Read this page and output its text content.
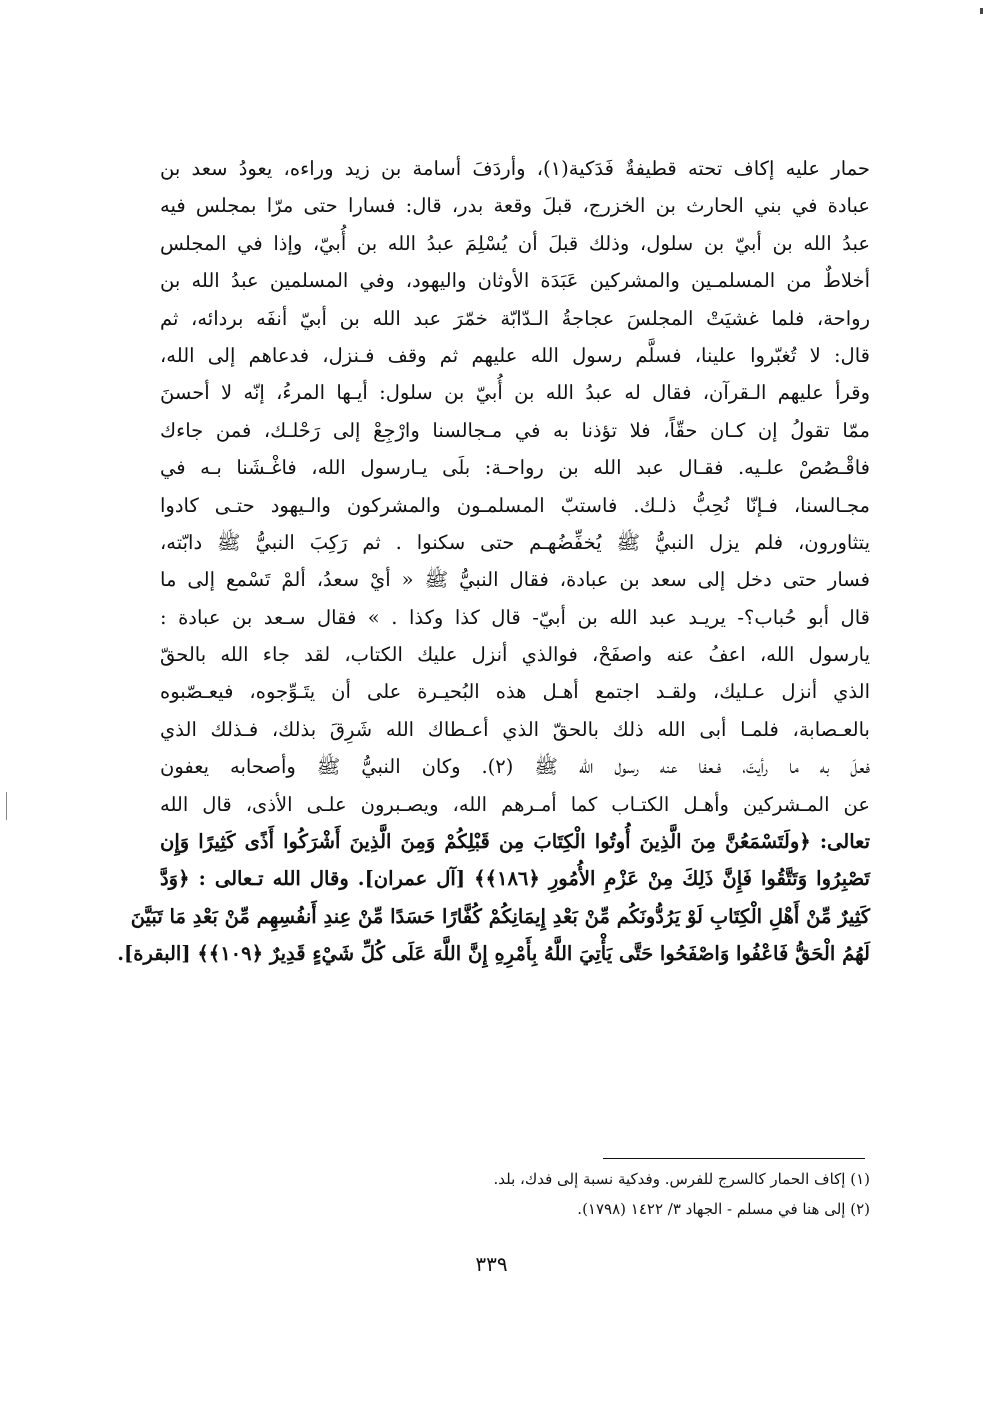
حمار عليه إكاف تحته قطيفةٌ فَدَكية(١)، وأردَفَ أسامة بن زيد وراءه، يعودُ سعد بن
عبادة في بني الحارث بن الخزرج، قبلَ وقعة بدر، قال: فسارا حتى مرّا بمجلس فيه
عبدُ الله بن أبيّ بن سلول، وذلك قبلَ أن يُسْلِمَ عبدُ الله بن أُبيّ، وإذا في المجلس
أخلاطٌ من المسلمـين والمشركين عَبَدَة الأوثان واليهود، وفي المسلمين عبدُ الله بن
رواحة، فلما غشيَتْ المجلسَ عجاجةُ الـدّابّة خمّرَ عبد الله بن أبيّ أنفَه بردائه، ثم
قال: لا تُغبّروا علينا، فسلَّم رسول الله عليهم ثم وقف فـنزل، فدعاهم إلى الله،
وقرأ عليهم الـقرآن، فقال له عبدُ الله بن أُبيّ بن سلول: أيـها المرءُ، إنّه لا أحسنَ
ممّا تقولُ إن كـان حقّاً، فلا تؤذنا به في مـجالسنا وارْجِعْ إلى رَحْلـك، فمن جاءك
فاقْـصُصْ علـيه. فقـال عبد الله بن رواحـة: بلَى يـارسول الله، فاغْـشَنا بـه في
مجـالسنا، فـإنّا نُحِبُّ ذلـك. فاستبّ المسلمـون والمشركون والـيهود حتـى كادوا
يتثاورون، فلم يزل النبيُّ ﷺ يُخفِّضُهـم حتى سكنوا . ثم رَكِبَ النبيُّ ﷺ دابّته،
فسار حتى دخل إلى سعد بن عبادة، فقال النبيُّ ﷺ « أيْ سعدُ، ألمْ تَسْمع إلى ما
قال أبو حُباب؟- يريـد عبد الله بن أبيّ- قال كذا وكذا . » فقال سـعد بن عبادة :
يارسول الله، اعفُ عنه واصفَحْ، فوالذي أنزل عليك الكتاب، لقد جاء الله بالحقّ
الذي أنزل عـليك، ولقـد اجتمع أهـل هذه البُحيـرة على أن يتَـوِّجوه، فيعـصّبوه
بالعـصابة، فلمـا أبى الله ذلك بالحقّ الذي أعـطاك الله شَرِقَ بذلك، فـذلك الذي
فعلَ به ما رأيتَ، فـعفا عنه رسول الله ﷺ (٢). وكان النبيُّ ﷺ وأصحابه يعفون
عن المـشركين وأهـل الكتـاب كما أمـرهم الله، ويصـبرون علـى الأذى، قال الله
تعالى: ﴿ولَتَسْمَعُنَّ مِنَ الَّذِينَ أُوتُوا الْكِتَابَ مِن قَبْلِكُمْ وَمِنَ الَّذِينَ أَشْرَكُوا أَذًى كَثِيرًا وَإِن
تَصْبِرُوا وَتَتَّقُوا فَإِنَّ ذَلِكَ مِنْ عَزْمِ الأُمُورِ ﴿١٨٦﴾﴾ [آل عمران]. وقال الله تـعالى : ﴿وَدَّ
كَثِيرٌ مِّنْ أَهْلِ الْكِتَابِ لَوْ يَرُدُّونَكُم مِّنْ بَعْدِ إِيمَانِكُمْ كُفَّارًا حَسَدًا مِّنْ عِندِ أَنفُسِهِم مِّنْ بَعْدِ مَا تَبَيَّنَ
لَهُمُ الْحَقُّ فَاعْفُوا وَاصْفَحُوا حَتَّى يَأْتِيَ اللَّهُ بِأَمْرِهِ إِنَّ اللَّهَ عَلَى كُلِّ شَيْءٍ قَدِيرٌ ﴿١٠٩﴾﴾ [البقرة].
(١) إكاف الحمار كالسرج للفرس. وفدكية نسبة إلى فدك، بلد.
(٢) إلى هنا في مسلم - الجهاد ٣/ ١٤٢٢ (١٧٩٨).
٣٣٩
